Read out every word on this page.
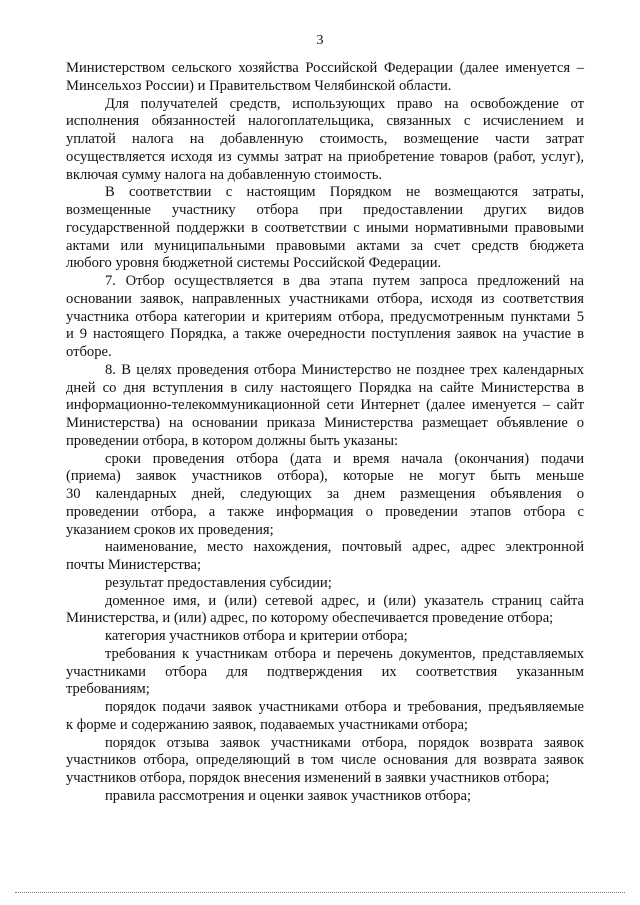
3

Министерством сельского хозяйства Российской Федерации (далее именуется –
Минсельхоз России) и Правительством Челябинской области.

Для получателей средств, использующих право на освобождение от
исполнения обязанностей налогоплательщика, связанных с исчислением и
уплатой налога на добавленную стоимость, возмещение части затрат
осуществляется исходя из суммы затрат на приобретение товаров (работ, услуг),
включая сумму налога на добавленную стоимость.

В соответствии с настоящим Порядком не возмещаются затраты,
возмещенные участнику отбора при предоставлении других видов
государственной поддержки в соответствии с иными нормативными правовыми
актами или муниципальными правовыми актами за счет средств бюджета
любого уровня бюджетной системы Российской Федерации.

7. Отбор осуществляется в два этапа путем запроса предложений на
основании заявок, направленных участниками отбора, исходя из соответствия
участника отбора категории и критериям отбора, предусмотренным пунктами 5
и 9 настоящего Порядка, а также очередности поступления заявок на участие в
отборе.

8. В целях проведения отбора Министерство не позднее трех календарных
дней со дня вступления в силу настоящего Порядка на сайте Министерства в
информационно-телекоммуникационной сети Интернет (далее именуется – сайт
Министерства) на основании приказа Министерства размещает объявление о
проведении отбора, в котором должны быть указаны:

сроки проведения отбора (дата и время начала (окончания) подачи
(приема) заявок участников отбора), которые не могут быть меньше
30 календарных дней, следующих за днем размещения объявления о
проведении отбора, а также информация о проведении этапов отбора с
указанием сроков их проведения;

наименование, место нахождения, почтовый адрес, адрес электронной
почты Министерства;

результат предоставления субсидии;

доменное имя, и (или) сетевой адрес, и (или) указатель страниц сайта
Министерства, и (или) адрес, по которому обеспечивается проведение отбора;

категория участников отбора и критерии отбора;

требования к участникам отбора и перечень документов, представляемых
участниками отбора для подтверждения их соответствия указанным
требованиям;

порядок подачи заявок участниками отбора и требования, предъявляемые
к форме и содержанию заявок, подаваемых участниками отбора;

порядок отзыва заявок участниками отбора, порядок возврата заявок
участников отбора, определяющий в том числе основания для возврата заявок
участников отбора, порядок внесения изменений в заявки участников отбора;

правила рассмотрения и оценки заявок участников отбора;
